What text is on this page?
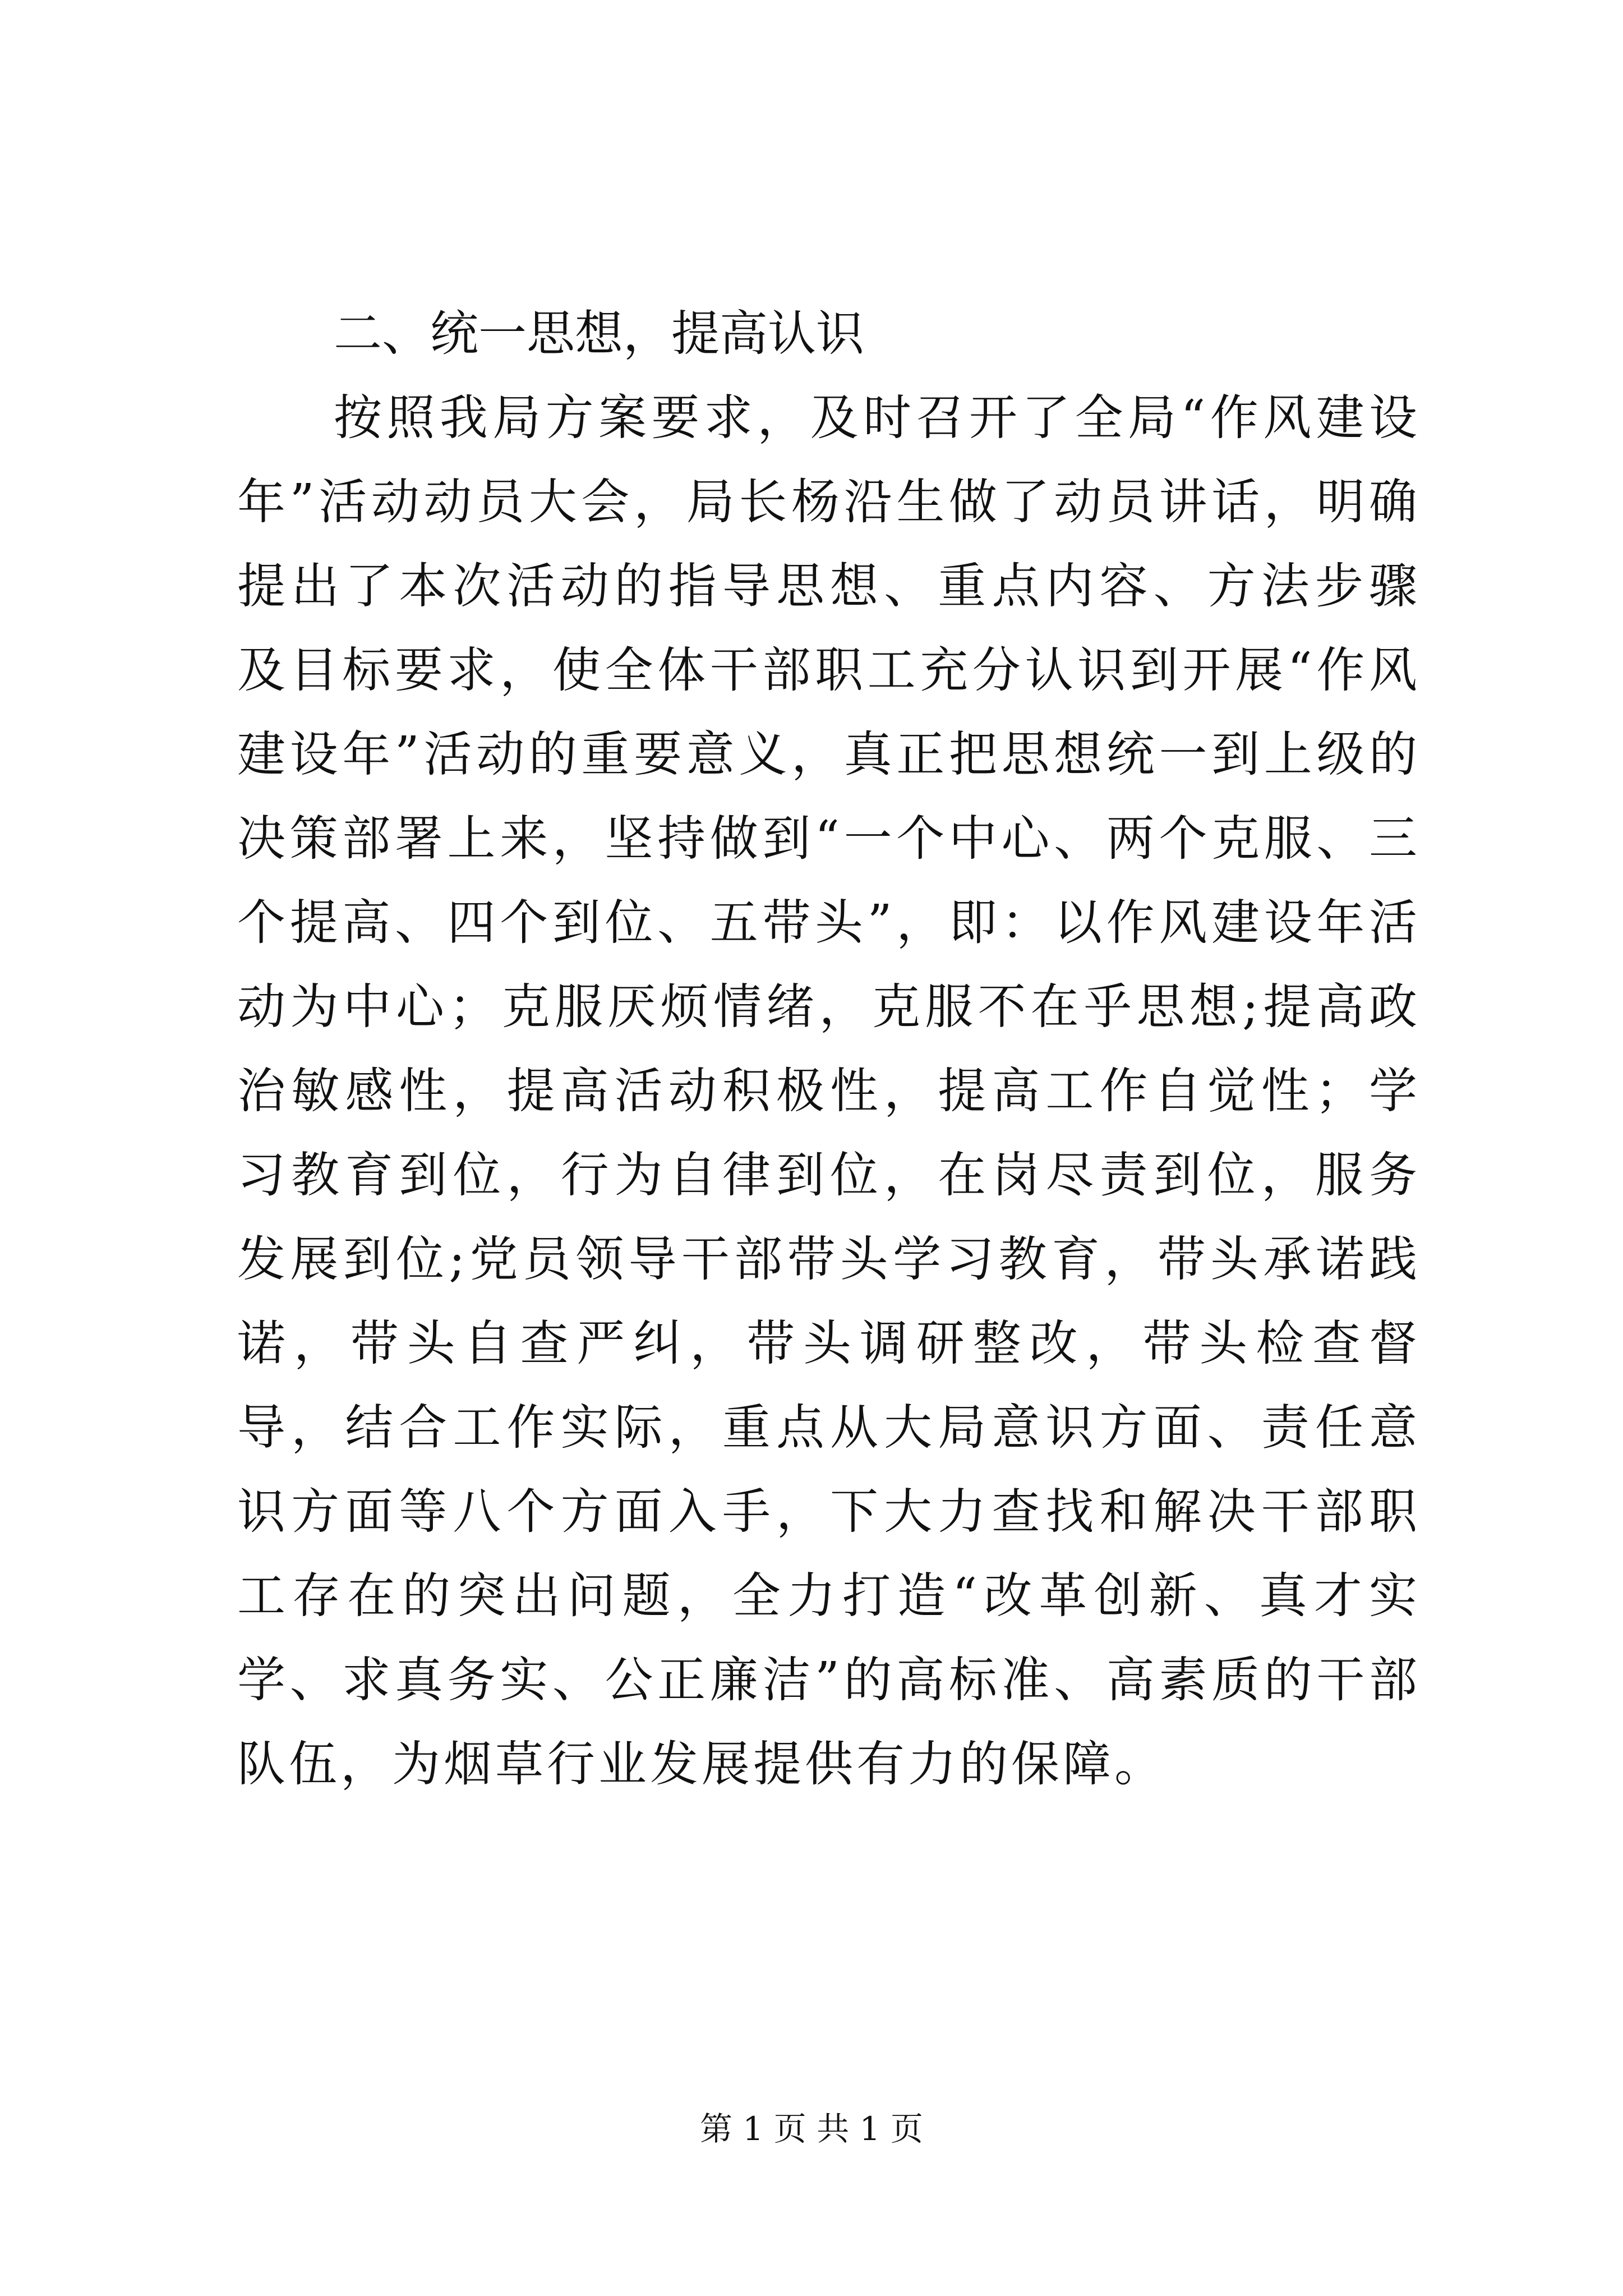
二、统一思想，提高认识

按照我局方案要求，及时召开了全局“作风建设年”活动动员大会，局长杨沿生做了动员讲话，明确提出了本次活动的指导思想、重点内容、方法步骤及目标要求，使全体干部职工充分认识到开展“作风建设年”活动的重要意义，真正把思想统一到上级的决策部署上来，坚持做到“一个中心、两个克服、三个提高、四个到位、五带头”，即：以作风建设年活动为中心；克服厌烦情绪，克服不在乎思想;提高政治敏感性，提高活动积极性，提高工作自觉性；学习教育到位，行为自律到位，在岗尽责到位，服务发展到位;党员领导干部带头学习教育，带头承诺践诺，带头自查严纠，带头调研整改，带头检查督导，结合工作实际，重点从大局意识方面、责任意识方面等八个方面入手，下大力查找和解决干部职工存在的突出问题，全力打造“改革创新、真才实学、求真务实、公正廉洁”的高标准、高素质的干部队伍，为烟草行业发展提供有力的保障。

第 1 页 共 1 页
